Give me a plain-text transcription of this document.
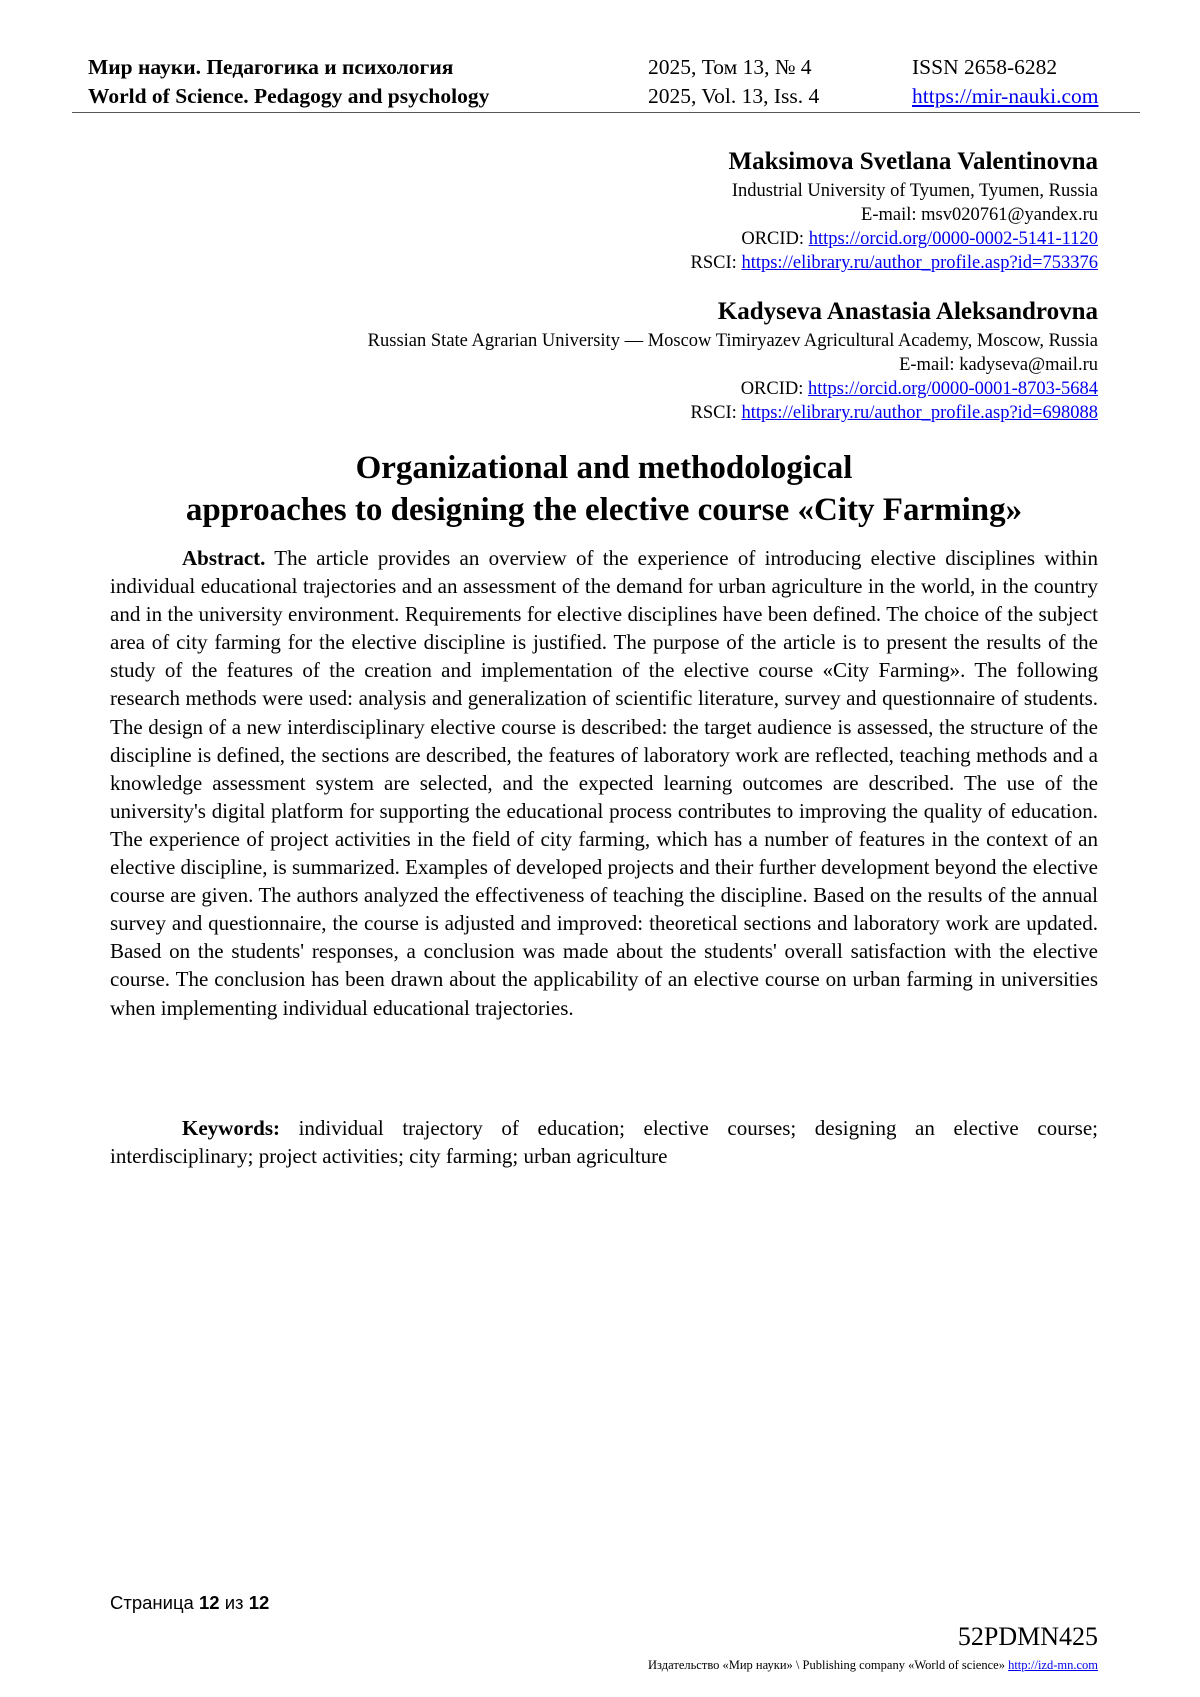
Мир науки. Педагогика и психология
World of Science. Pedagogy and psychology
2025, Том 13, № 4
2025, Vol. 13, Iss. 4
ISSN 2658-6282
https://mir-nauki.com
Maksimova Svetlana Valentinovna
Industrial University of Tyumen, Tyumen, Russia
E-mail: msv020761@yandex.ru
ORCID: https://orcid.org/0000-0002-5141-1120
RSCI: https://elibrary.ru/author_profile.asp?id=753376
Kadyseva Anastasia Aleksandrovna
Russian State Agrarian University — Moscow Timiryazev Agricultural Academy, Moscow, Russia
E-mail: kadyseva@mail.ru
ORCID: https://orcid.org/0000-0001-8703-5684
RSCI: https://elibrary.ru/author_profile.asp?id=698088
Organizational and methodological
approaches to designing the elective course «City Farming»

Abstract. The article provides an overview of the experience of introducing elective disciplines within individual educational trajectories and an assessment of the demand for urban agriculture in the world, in the country and in the university environment. Requirements for elective disciplines have been defined. The choice of the subject area of city farming for the elective discipline is justified. The purpose of the article is to present the results of the study of the features of the creation and implementation of the elective course «City Farming». The following research methods were used: analysis and generalization of scientific literature, survey and questionnaire of students. The design of a new interdisciplinary elective course is described: the target audience is assessed, the structure of the discipline is defined, the sections are described, the features of laboratory work are reflected, teaching methods and a knowledge assessment system are selected, and the expected learning outcomes are described. The use of the university's digital platform for supporting the educational process contributes to improving the quality of education. The experience of project activities in the field of city farming, which has a number of features in the context of an elective discipline, is summarized. Examples of developed projects and their further development beyond the elective course are given. The authors analyzed the effectiveness of teaching the discipline. Based on the results of the annual survey and questionnaire, the course is adjusted and improved: theoretical sections and laboratory work are updated. Based on the students' responses, a conclusion was made about the students' overall satisfaction with the elective course. The conclusion has been drawn about the applicability of an elective course on urban farming in universities when implementing individual educational trajectories.

Keywords: individual trajectory of education; elective courses; designing an elective course; interdisciplinary; project activities; city farming; urban agriculture

Страница 12 из 12
52PDMN425
Издательство «Мир науки» \ Publishing company «World of science» http://izd-mn.com
